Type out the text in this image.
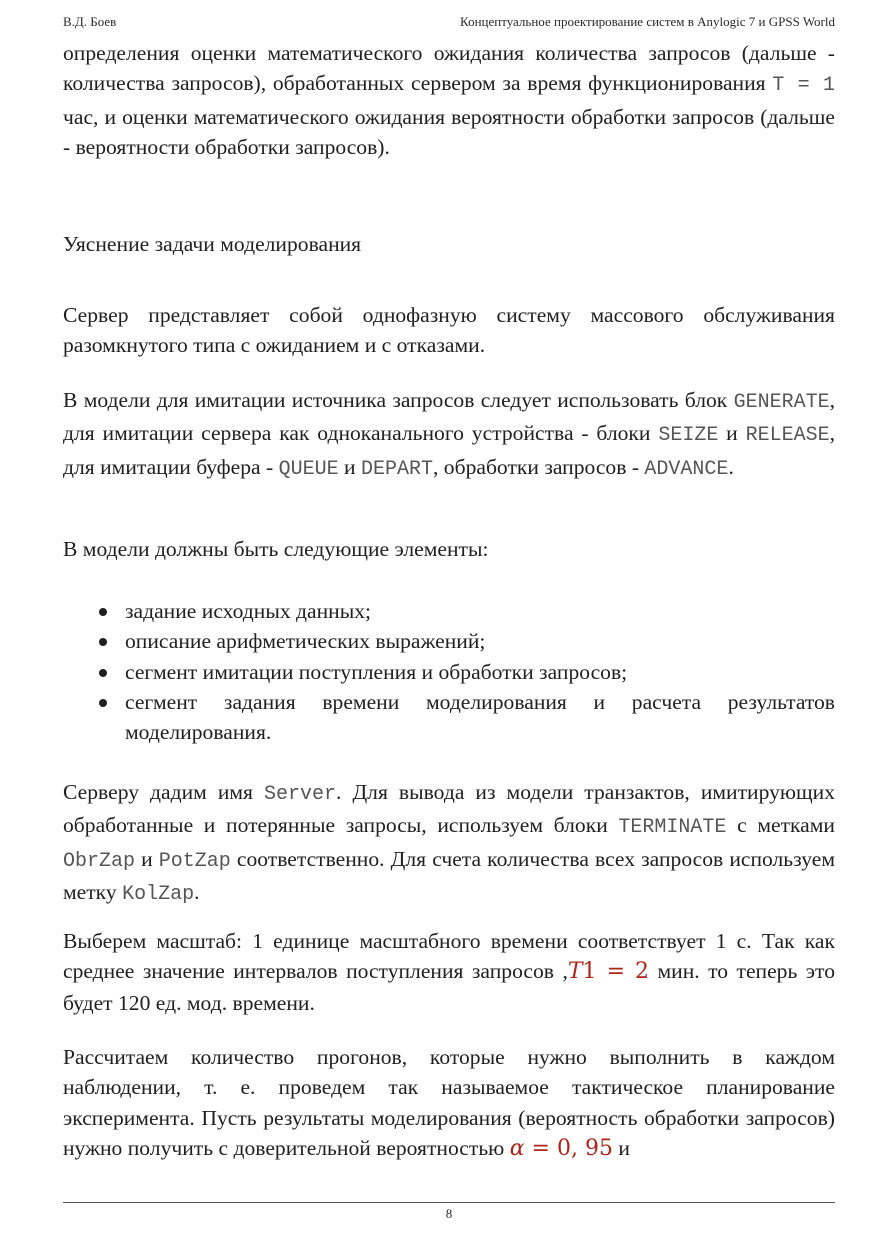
В.Д. Боев	Концептуальное проектирование систем в Anylogic 7 и GPSS World

определения оценки математического ожидания количества запросов (дальше - количества запросов), обработанных сервером за время функционирования T = 1 час, и оценки математического ожидания вероятности обработки запросов (дальше - вероятности обработки запросов).

Уяснение задачи моделирования

Сервер представляет собой однофазную систему массового обслуживания разомкнутого типа с ожиданием и с отказами.

В модели для имитации источника запросов следует использовать блок GENERATE, для имитации сервера как одноканального устройства - блоки SEIZE и RELEASE, для имитации буфера - QUEUE и DEPART, обработки запросов - ADVANCE.

В модели должны быть следующие элементы:

задание исходных данных;
описание арифметических выражений;
сегмент имитации поступления и обработки запросов;
сегмент задания времени моделирования и расчета результатов моделирования.

Серверу дадим имя Server. Для вывода из модели транзактов, имитирующих обработанные и потерянные запросы, используем блоки TERMINATE с метками ObrZap и PotZap соответственно. Для счета количества всех запросов используем метку KolZap.

Выберем масштаб: 1 единице масштабного времени соответствует 1 с. Так как среднее значение интервалов поступления запросов ,T1 = 2 мин. то теперь это будет 120 ед. мод. времени.

Рассчитаем количество прогонов, которые нужно выполнить в каждом наблюдении, т. е. проведем так называемое тактическое планирование эксперимента. Пусть результаты моделирования (вероятность обработки запросов) нужно получить с доверительной вероятностью α = 0, 95 и

8
